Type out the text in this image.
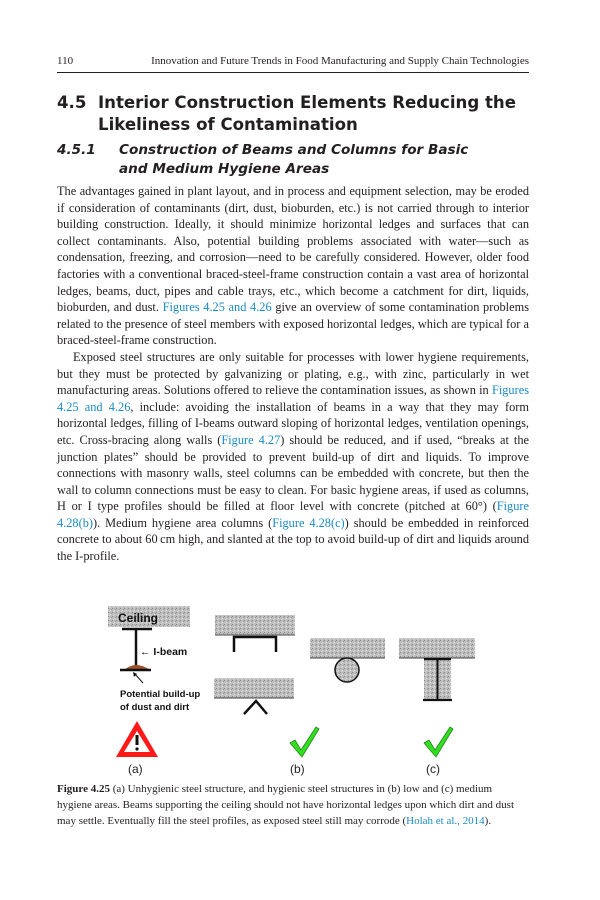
110	Innovation and Future Trends in Food Manufacturing and Supply Chain Technologies
4.5 Interior Construction Elements Reducing the
Likeliness of Contamination
4.5.1	Construction of Beams and Columns for Basic
and Medium Hygiene Areas

The advantages gained in plant layout, and in process and equipment selection, may be eroded if consideration of contaminants (dirt, dust, bioburden, etc.) is not carried through to interior building construction. Ideally, it should minimize horizontal ledges and surfaces that can collect contaminants. Also, potential building problems associated with water—such as condensation, freezing, and corrosion—need to be carefully considered. However, older food factories with a conventional braced-steel-frame construction contain a vast area of horizontal ledges, beams, duct, pipes and cable trays, etc., which become a catchment for dirt, liquids, bioburden, and dust. Figures 4.25 and 4.26 give an overview of some contamination problems related to the presence of steel members with exposed horizontal ledges, which are typical for a braced-steel-frame construction.

Exposed steel structures are only suitable for processes with lower hygiene requirements, but they must be protected by galvanizing or plating, e.g., with zinc, particularly in wet manufacturing areas. Solutions offered to relieve the contamination issues, as shown in Figures 4.25 and 4.26, include: avoiding the installation of beams in a way that they may form horizontal ledges, filling of I-beams outward sloping of horizontal ledges, ventilation openings, etc. Cross-bracing along walls (Figure 4.27) should be reduced, and if used, “breaks at the junction plates” should be provided to prevent build-up of dirt and liquids. To improve connections with masonry walls, steel columns can be embedded with concrete, but then the wall to column connections must be easy to clean. For basic hygiene areas, if used as columns, H or I type profiles should be filled at floor level with concrete (pitched at 60°) (Figure 4.28(b)). Medium hygiene area columns (Figure 4.28(c)) should be embedded in reinforced concrete to about 60 cm high, and slanted at the top to avoid build-up of dirt and liquids around the I-profile.

Ceiling
← I-beam
Potential build-up
of dust and dirt
(a)	(b)	(c)
Figure 4.25 (a) Unhygienic steel structure, and hygienic steel structures in (b) low and (c) medium hygiene areas. Beams supporting the ceiling should not have horizontal ledges upon which dirt and dust may settle. Eventually fill the steel profiles, as exposed steel still may corrode (Holah et al., 2014).
